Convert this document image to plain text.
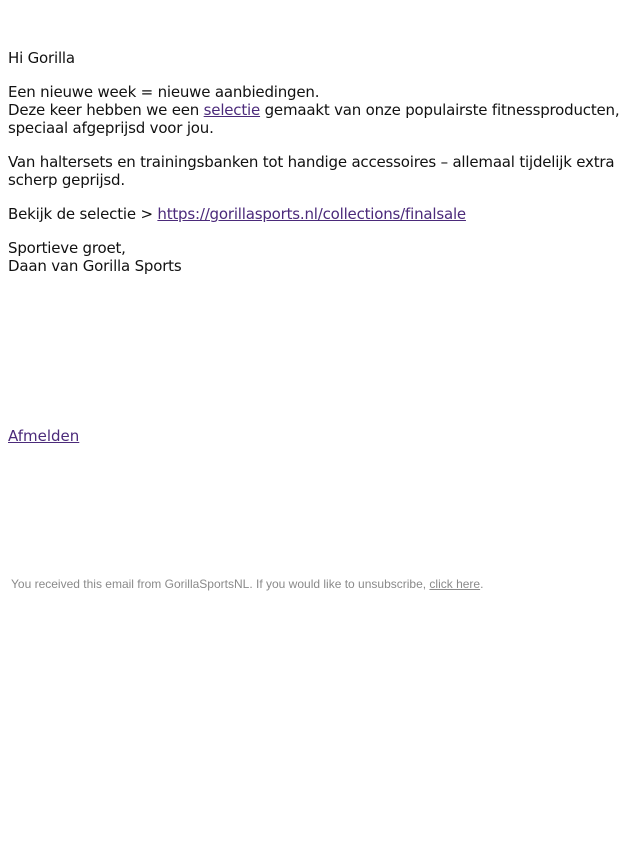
Hi Gorilla

Een nieuwe week = nieuwe aanbiedingen.
Deze keer hebben we een selectie gemaakt van onze populairste fitnessproducten, speciaal afgeprijsd voor jou.

Van haltersets en trainingsbanken tot handige accessoires – allemaal tijdelijk extra scherp geprijsd.

Bekijk de selectie > https://gorillasports.nl/collections/finalsale

Sportieve groet,
Daan van Gorilla Sports

Afmelden
You received this email from GorillaSportsNL. If you would like to unsubscribe, click here.
